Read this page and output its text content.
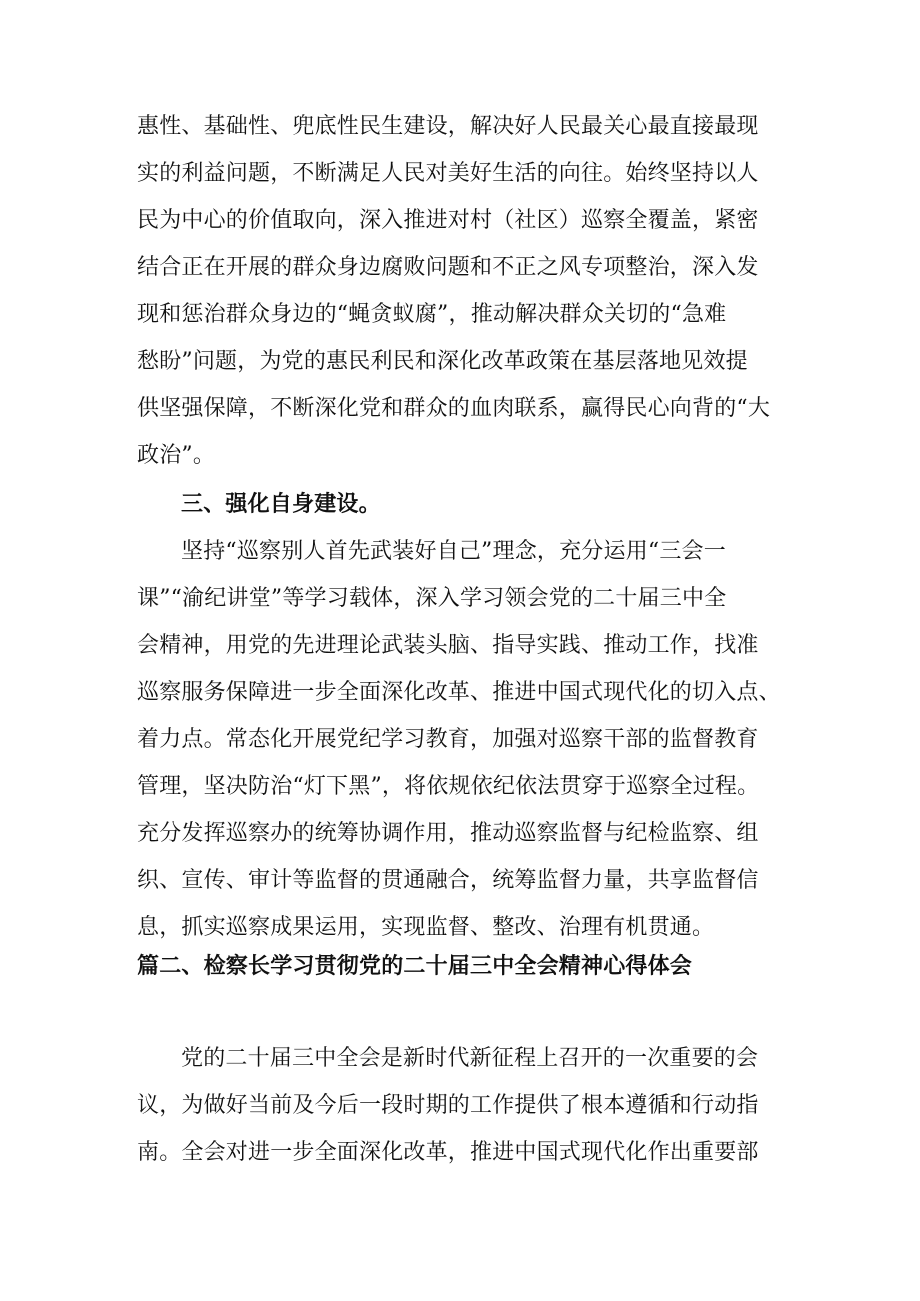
惠性、基础性、兜底性民生建设，解决好人民最关心最直接最现
实的利益问题，不断满足人民对美好生活的向往。始终坚持以人
民为中心的价值取向，深入推进对村（社区）巡察全覆盖，紧密
结合正在开展的群众身边腐败问题和不正之风专项整治，深入发
现和惩治群众身边的“蝇贪蚁腐”，推动解决群众关切的“急难
愁盼”问题，为党的惠民利民和深化改革政策在基层落地见效提
供坚强保障，不断深化党和群众的血肉联系，赢得民心向背的“大
政治”。
三、强化自身建设。
坚持“巡察别人首先武装好自己”理念，充分运用“三会一
课”“渝纪讲堂”等学习载体，深入学习领会党的二十届三中全
会精神，用党的先进理论武装头脑、指导实践、推动工作，找准
巡察服务保障进一步全面深化改革、推进中国式现代化的切入点、
着力点。常态化开展党纪学习教育，加强对巡察干部的监督教育
管理，坚决防治“灯下黑”，将依规依纪依法贯穿于巡察全过程。
充分发挥巡察办的统筹协调作用，推动巡察监督与纪检监察、组
织、宣传、审计等监督的贯通融合，统筹监督力量，共享监督信
息，抓实巡察成果运用，实现监督、整改、治理有机贯通。
篇二、检察长学习贯彻党的二十届三中全会精神心得体会
党的二十届三中全会是新时代新征程上召开的一次重要的会
议，为做好当前及今后一段时期的工作提供了根本遵循和行动指
南。全会对进一步全面深化改革，推进中国式现代化作出重要部
